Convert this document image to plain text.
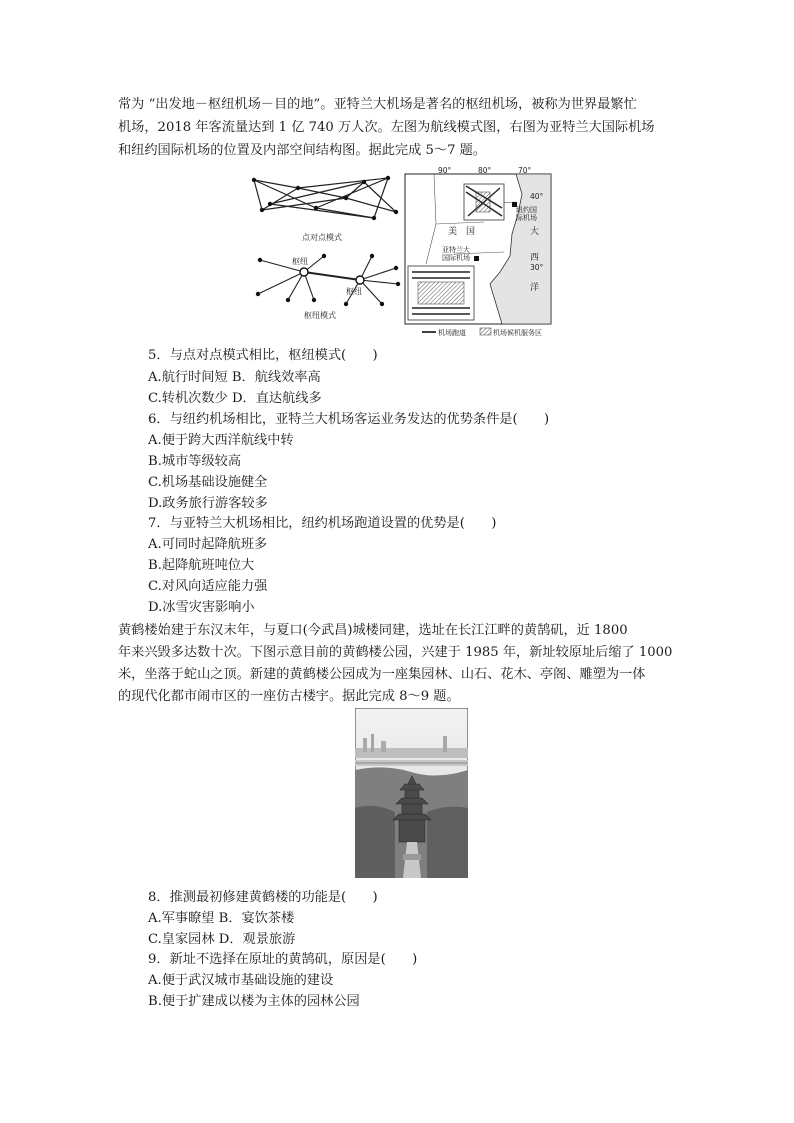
常为 “出发地－枢纽机场－目的地”。亚特兰大机场是著名的枢纽机场，被称为世界最繁忙

机场，2018 年客流量达到 1 亿 740 万人次。左图为航线模式图，右图为亚特兰大国际机场

和纽约国际机场的位置及内部空间结构图。据此完成 5～7 题。

点对点模式
枢纽
枢纽
枢纽模式
90°	80°	70°
40°
30°
纽约国
际机场
美　国	大
西
洋
亚特兰大
国际机场
机场跑道	机场候机服务区

5．与点对点模式相比，枢纽模式(　　)

A.航行时间短 B．航线效率高

C.转机次数少 D．直达航线多

6．与纽约机场相比，亚特兰大机场客运业务发达的优势条件是(　　)

A.便于跨大西洋航线中转

B.城市等级较高

C.机场基础设施健全

D.政务旅行游客较多

7．与亚特兰大机场相比，纽约机场跑道设置的优势是(　　)

A.可同时起降航班多

B.起降航班吨位大

C.对风向适应能力强

D.冰雪灾害影响小

黄鹤楼始建于东汉末年，与夏口(今武昌)城楼同建，选址在长江江畔的黄鹄矶，近 1800

年来兴毁多达数十次。下图示意目前的黄鹤楼公园，兴建于 1985 年，新址较原址后缩了 1000

米，坐落于蛇山之顶。新建的黄鹤楼公园成为一座集园林、山石、花木、亭阁、雕塑为一体

的现代化都市闹市区的一座仿古楼宇。据此完成 8～9 题。

8．推测最初修建黄鹤楼的功能是(　　)

A.军事瞭望 B．宴饮茶楼

C.皇家园林 D．观景旅游

9．新址不选择在原址的黄鹄矶，原因是(　　)

A.便于武汉城市基础设施的建设

B.便于扩建成以楼为主体的园林公园
